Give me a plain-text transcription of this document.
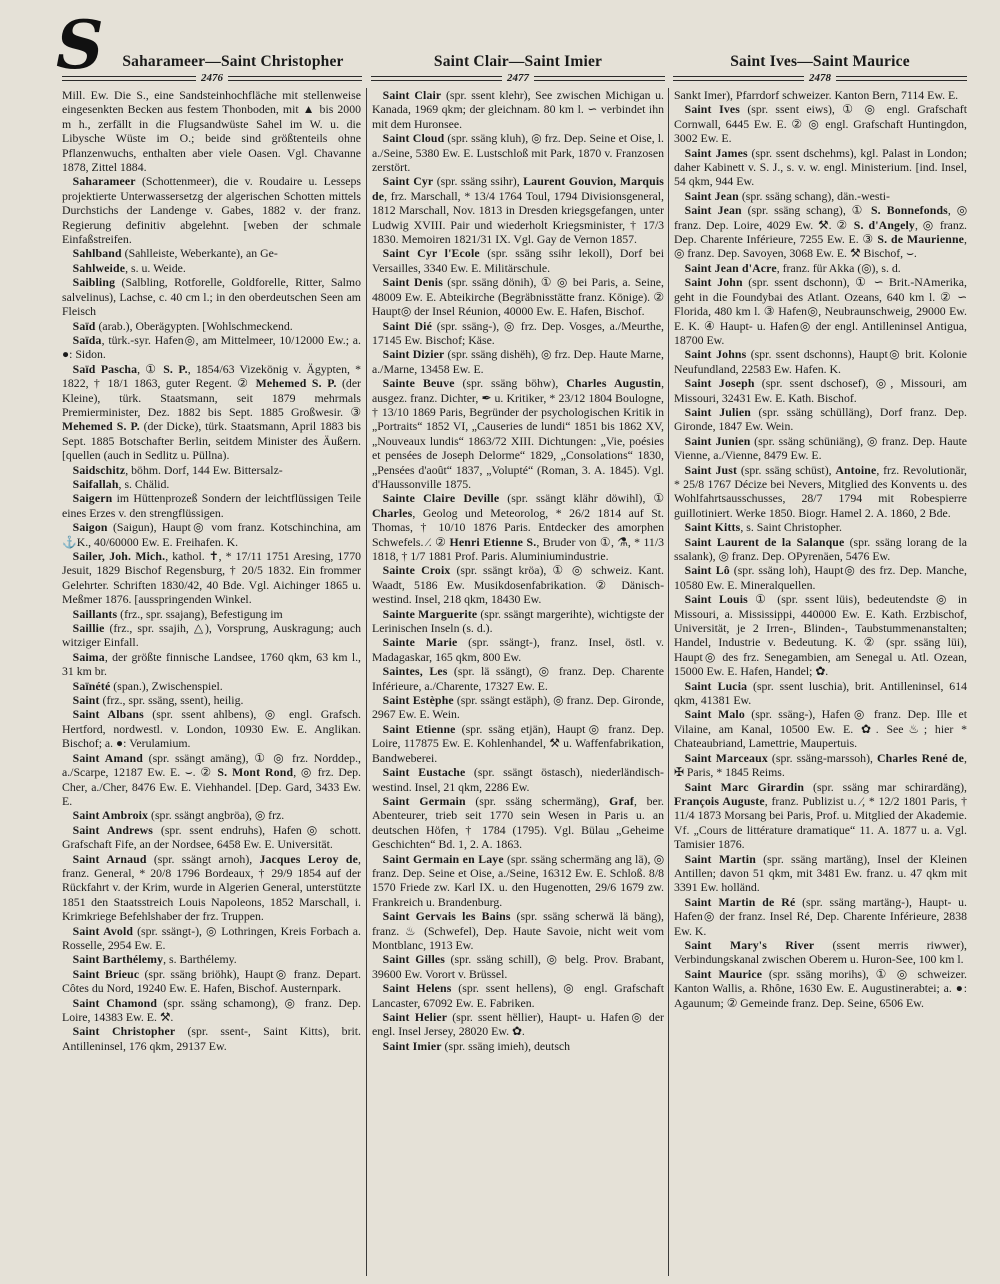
S	Saharameer—Saint Christopher	Saint Clair—Saint Imier	Saint Ives—Saint Maurice
2476	2477	2478

Mill. Ew. Die S., eine Sandsteinhochfläche mit stellenweise eingesenkten Becken aus festem Thonboden, mit ▲ bis 2000 m h., zerfällt in die Flugsandwüste Sahel im W. u. die Libysche Wüste im O.; beide sind größtenteils ohne Pflanzenwuchs, enthalten aber viele Oasen. Vgl. Chavanne 1878, Zittel 1884.

Saharameer (Schottenmeer), die v. Roudaire u. Lesseps projektierte Unterwassersetzg der algerischen Schotten mittels Durchstichs der Landenge v. Gabes, 1882 v. der franz. Regierung definitiv abgelehnt. [weben der schmale Einfaßstreifen.

Sahlband (Sahlleiste, Weberkante), an Ge-

Sahlweide, s. u. Weide.

Saibling (Salbling, Rotforelle, Goldforelle, Ritter, Salmo salvelinus), Lachse, c. 40 cm l.; in den oberdeutschen Seen am Fleisch

Saïd (arab.), Oberägypten. [Wohlschmeckend.

Saïda, türk.-syr. Hafen◎, am Mittelmeer, 10/12000 Ew.; a. ●: Sidon.

Saïd Pascha, ① S. P., 1854/63 Vizekönig v. Ägypten, * 1822, † 18/1 1863, guter Regent. ② Mehemed S. P. (der Kleine), türk. Staatsmann, seit 1879 mehrmals Premierminister, Dez. 1882 bis Sept. 1885 Großwesir. ③ Mehemed S. P. (der Dicke), türk. Staatsmann, April 1883 bis Sept. 1885 Botschafter Berlin, seitdem Minister des Äußern. [quellen (auch in Sedlitz u. Püllna).

Saidschitz, böhm. Dorf, 144 Ew. Bittersalz-

Saifallah, s. Chälid.

Saigern im Hüttenprozeß Sondern der leichtflüssigen Teile eines Erzes v. den strengflüssigen.

Saigon (Saigun), Haupt◎ vom franz. Kotschinchina, am ⚓K., 40/60000 Ew. E. Freihafen. K.

Sailer, Joh. Mich., kathol. ✝, * 17/11 1751 Aresing, 1770 Jesuit, 1829 Bischof Regensburg, † 20/5 1832. Ein frommer Gelehrter. Schriften 1830/42, 40 Bde. Vgl. Aichinger 1865 u. Meßmer 1876. [ausspringenden Winkel.

Saillants (frz., spr. ssajang), Befestigung im

Saillie (frz., spr. ssajih, △), Vorsprung, Auskragung; auch witziger Einfall.

Saima, der größte finnische Landsee, 1760 qkm, 63 km l., 31 km br.

Saïnété (span.), Zwischenspiel.

Saint (frz., spr. ssäng, ssent), heilig.

Saint Albans (spr. ssent ahlbens), ◎ engl. Grafsch. Hertford, nordwestl. v. London, 10930 Ew. E. Anglikan. Bischof; a. ●: Verulamium.

Saint Amand (spr. ssängt amäng), ① ◎ frz. Norddep., a./Scarpe, 12187 Ew. E. ⌣. ② S. Mont Rond, ◎ frz. Dep. Cher, a./Cher, 8476 Ew. E. Viehhandel. [Dep. Gard, 3433 Ew. E.

Saint Ambroix (spr. ssängt angbröa), ◎ frz.

Saint Andrews (spr. ssent endruhs), Hafen◎ schott. Grafschaft Fife, an der Nordsee, 6458 Ew. E. Universität.

Saint Arnaud (spr. ssängt arnoh), Jacques Leroy de, franz. General, * 20/8 1796 Bordeaux, † 29/9 1854 auf der Rückfahrt v. der Krim, wurde in Algerien General, unterstützte 1851 den Staatsstreich Louis Napoleons, 1852 Marschall, i. Krimkriege Befehlshaber der frz. Truppen.

Saint Avold (spr. ssängt-), ◎ Lothringen, Kreis Forbach a. Rosselle, 2954 Ew. E.

Saint Barthélemy, s. Barthélemy.

Saint Brieuc (spr. ssäng briöhk), Haupt◎ franz. Depart. Côtes du Nord, 19240 Ew. E. Hafen, Bischof. Austernpark.

Saint Chamond (spr. ssäng schamong), ◎ franz. Dep. Loire, 14383 Ew. E. ⚒.

Saint Christopher (spr. ssent-, Saint Kitts), brit. Antilleninsel, 176 qkm, 29137 Ew.

Saint Clair (spr. ssent klehr), See zwischen Michigan u. Kanada, 1969 qkm; der gleichnam. 80 km l. ∽ verbindet ihn mit dem Huronsee.

Saint Cloud (spr. ssäng kluh), ◎ frz. Dep. Seine et Oise, l. a./Seine, 5380 Ew. E. Lustschloß mit Park, 1870 v. Franzosen zerstört.

Saint Cyr (spr. ssäng ssihr), Laurent Gouvion, Marquis de, frz. Marschall, * 13/4 1764 Toul, 1794 Divisionsgeneral, 1812 Marschall, Nov. 1813 in Dresden kriegsgefangen, unter Ludwig XVIII. Pair und wiederholt Kriegsminister, † 17/3 1830. Memoiren 1821/31 IX. Vgl. Gay de Vernon 1857.

Saint Cyr l'Ecole (spr. ssäng ssihr lekoll), Dorf bei Versailles, 3340 Ew. E. Militärschule.

Saint Denis (spr. ssäng dönih), ① ◎ bei Paris, a. Seine, 48009 Ew. E. Abteikirche (Begräbnisstätte franz. Könige). ② Haupt◎ der Insel Réunion, 40000 Ew. E. Hafen, Bischof.

Saint Dié (spr. ssäng-), ◎ frz. Dep. Vosges, a./Meurthe, 17145 Ew. Bischof; Käse.

Saint Dizier (spr. ssäng dishëh), ◎ frz. Dep. Haute Marne, a./Marne, 13458 Ew. E.

Sainte Beuve (spr. ssäng böhw), Charles Augustin, ausgez. franz. Dichter, ✒ u. Kritiker, * 23/12 1804 Boulogne, † 13/10 1869 Paris, Begründer der psychologischen Kritik in „Portraits“ 1852 VI, „Causeries de lundi“ 1851 bis 1862 XV, „Nouveaux lundis“ 1863/72 XIII. Dichtungen: „Vie, poésies et pensées de Joseph Delorme“ 1829, „Consolations“ 1830, „Pensées d'août“ 1837, „Volupté“ (Roman, 3. A. 1845). Vgl. d'Haussonville 1875.

Sainte Claire Deville (spr. ssängt klähr döwihl), ① Charles, Geolog und Meteorolog, * 26/2 1814 auf St. Thomas, † 10/10 1876 Paris. Entdecker des amorphen Schwefels. ⁄. ② Henri Etienne S., Bruder von ①, ⚗, * 11/3 1818, † 1/7 1881 Prof. Paris. Aluminiumindustrie.

Sainte Croix (spr. ssängt kröa), ① ◎ schweiz. Kant. Waadt, 5186 Ew. Musikdosenfabrikation. ② Dänisch-westind. Insel, 218 qkm, 18430 Ew.

Sainte Marguerite (spr. ssängt margerihte), wichtigste der Lerinischen Inseln (s. d.).

Sainte Marie (spr. ssängt-), franz. Insel, östl. v. Madagaskar, 165 qkm, 800 Ew.

Saintes, Les (spr. lä ssängt), ◎ franz. Dep. Charente Inférieure, a./Charente, 17327 Ew. E.

Saint Estèphe (spr. ssängt estäph), ◎ franz. Dep. Gironde, 2967 Ew. E. Wein.

Saint Etienne (spr. ssäng etjän), Haupt◎ franz. Dep. Loire, 117875 Ew. E. Kohlenhandel, ⚒ u. Waffenfabrikation, Bandweberei.

Saint Eustache (spr. ssängt östasch), niederländisch-westind. Insel, 21 qkm, 2286 Ew.

Saint Germain (spr. ssäng schermäng), Graf, ber. Abenteurer, trieb seit 1770 sein Wesen in Paris u. an deutschen Höfen, † 1784 (1795). Vgl. Bülau „Geheime Geschichten“ Bd. 1, 2. A. 1863.

Saint Germain en Laye (spr. ssäng schermäng ang lä), ◎ franz. Dep. Seine et Oise, a./Seine, 16312 Ew. E. Schloß. 8/8 1570 Friede zw. Karl IX. u. den Hugenotten, 29/6 1679 zw. Frankreich u. Brandenburg.

Saint Gervais les Bains (spr. ssäng scherwä lä bäng), franz. ♨ (Schwefel), Dep. Haute Savoie, nicht weit vom Montblanc, 1913 Ew.

Saint Gilles (spr. ssäng schill), ◎ belg. Prov. Brabant, 39600 Ew. Vorort v. Brüssel.

Saint Helens (spr. ssent hellens), ◎ engl. Grafschaft Lancaster, 67092 Ew. E. Fabriken.

Saint Helier (spr. ssent hëllier), Haupt- u. Hafen◎ der engl. Insel Jersey, 28020 Ew. ✿.

Saint Imier (spr. ssäng imieh), deutsch

Sankt Imer), Pfarrdorf schweizer. Kanton Bern, 7114 Ew. E.

Saint Ives (spr. ssent eiws), ① ◎ engl. Grafschaft Cornwall, 6445 Ew. E. ② ◎ engl. Grafschaft Huntingdon, 3002 Ew. E.

Saint James (spr. ssent dschehms), kgl. Palast in London; daher Kabinett v. S. J., s. v. w. engl. Ministerium. [ind. Insel, 54 qkm, 944 Ew.

Saint Jean (spr. ssäng schang), dän.-westi-

Saint Jean (spr. ssäng schang), ① S. Bonnefonds, ◎ franz. Dep. Loire, 4029 Ew. ⚒. ② S. d'Angely, ◎ franz. Dep. Charente Inférieure, 7255 Ew. E. ③ S. de Maurienne, ◎ franz. Dep. Savoyen, 3068 Ew. E. ⚒ Bischof, ⌣.

Saint Jean d'Acre, franz. für Akka (◎), s. d.

Saint John (spr. ssent dschonn), ① ∽ Brit.-NAmerika, geht in die Foundybai des Atlant. Ozeans, 640 km l. ② ∽ Florida, 480 km l. ③ Hafen◎, Neubraunschweig, 29000 Ew. E. K. ④ Haupt- u. Hafen◎ der engl. Antilleninsel Antigua, 18700 Ew.

Saint Johns (spr. ssent dschonns), Haupt◎ brit. Kolonie Neufundland, 22583 Ew. Hafen. K.

Saint Joseph (spr. ssent dschosef), ◎, Missouri, am Missouri, 32431 Ew. E. Kath. Bischof.

Saint Julien (spr. ssäng schülläng), Dorf franz. Dep. Gironde, 1847 Ew. Wein.

Saint Junien (spr. ssäng schüniäng), ◎ franz. Dep. Haute Vienne, a./Vienne, 8479 Ew. E.

Saint Just (spr. ssäng schüst), Antoine, frz. Revolutionär, * 25/8 1767 Décize bei Nevers, Mitglied des Konvents u. des Wohlfahrtsausschusses, 28/7 1794 mit Robespierre guillotiniert. Werke 1850. Biogr. Hamel 2. A. 1860, 2 Bde.

Saint Kitts, s. Saint Christopher.

Saint Laurent de la Salanque (spr. ssäng lorang de la ssalank), ◎ franz. Dep. OPyrenäen, 5476 Ew.

Saint Lô (spr. ssäng loh), Haupt◎ des frz. Dep. Manche, 10580 Ew. E. Mineralquellen.

Saint Louis ① (spr. ssent lüis), bedeutendste ◎ in Missouri, a. Mississippi, 440000 Ew. E. Kath. Erzbischof, Universität, je 2 Irren-, Blinden-, Taubstummenanstalten; Handel, Industrie v. Bedeutung. K. ② (spr. ssäng lüi), Haupt◎ des frz. Senegambien, am Senegal u. Atl. Ozean, 15000 Ew. E. Hafen, Handel; ✿.

Saint Lucia (spr. ssent luschia), brit. Antilleninsel, 614 qkm, 41381 Ew.

Saint Malo (spr. ssäng-), Hafen◎ franz. Dep. Ille et Vilaine, am Kanal, 10500 Ew. E. ✿. See♨; hier * Chateaubriand, Lamettrie, Maupertuis.

Saint Marceaux (spr. ssäng-marssoh), Charles René de, ✠ Paris, * 1845 Reims.

Saint Marc Girardin (spr. ssäng mar schirardäng), François Auguste, franz. Publizist u. ⁄, * 12/2 1801 Paris, † 11/4 1873 Morsang bei Paris, Prof. u. Mitglied der Akademie. Vf. „Cours de littérature dramatique“ 11. A. 1877 u. a. Vgl. Tamisier 1876.

Saint Martin (spr. ssäng martäng), Insel der Kleinen Antillen; davon 51 qkm, mit 3481 Ew. franz. u. 47 qkm mit 3391 Ew. holländ.

Saint Martin de Ré (spr. ssäng martäng-), Haupt- u. Hafen◎ der franz. Insel Ré, Dep. Charente Inférieure, 2838 Ew. K.

Saint Mary's River (ssent merris riwwer), Verbindungskanal zwischen Oberem u. Huron-See, 100 km l.

Saint Maurice (spr. ssäng morihs), ① ◎ schweizer. Kanton Wallis, a. Rhône, 1630 Ew. E. Augustinerabtei; a. ●: Agaunum; ② Gemeinde franz. Dep. Seine, 6506 Ew.
